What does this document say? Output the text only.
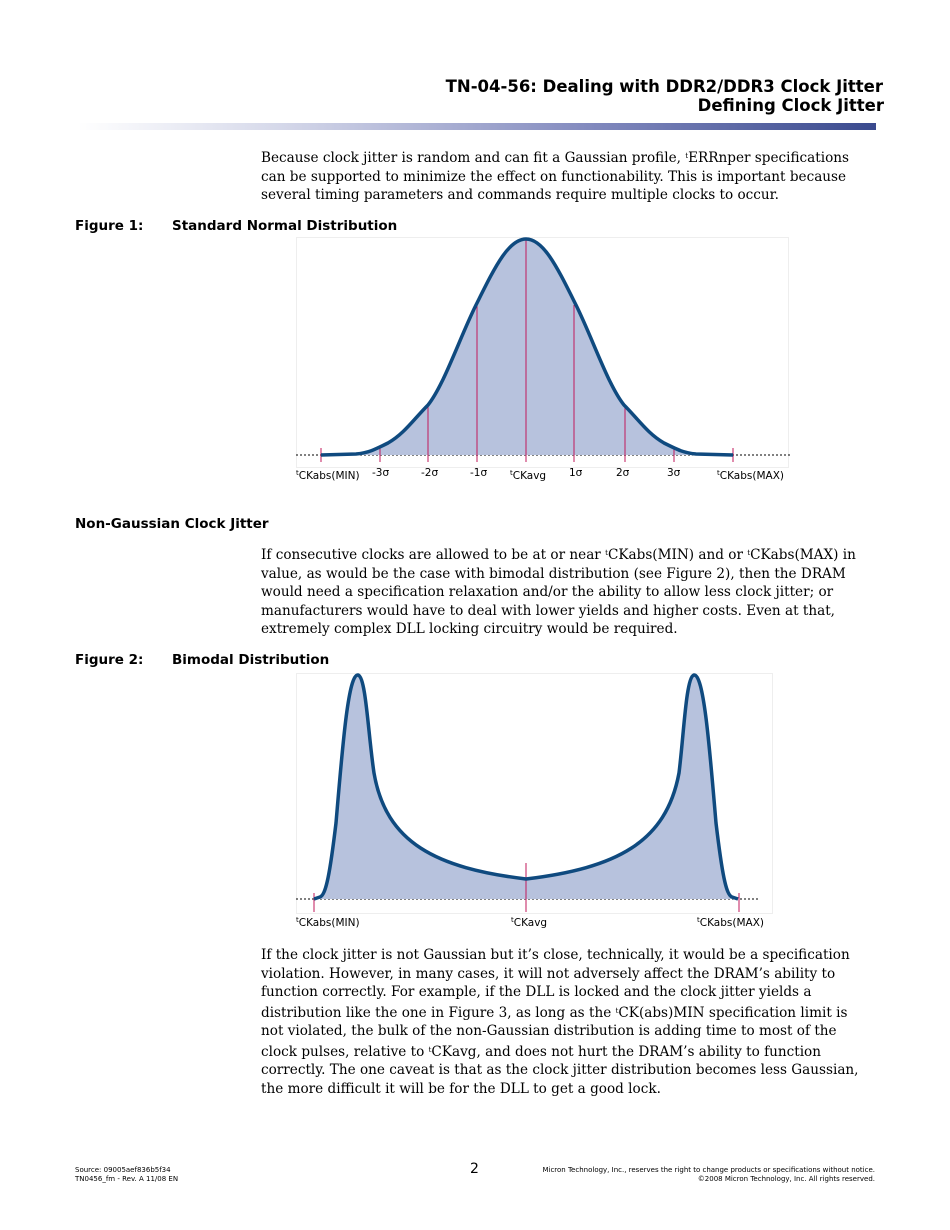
TN-04-56: Dealing with DDR2/DDR3 Clock Jitter
Defining Clock Jitter
Because clock jitter is random and can fit a Gaussian profile, $^t$ERRnper specifications can be supported to minimize the effect on functionability. This is important because several timing parameters and commands require multiple clocks to occur.
Figure 1: Standard Normal Distribution
$^t$CKabs(MIN) -3σ	-2σ	-1σ	$^t$CKavg 1σ	2σ	3σ	$^t$CKabs(MAX)
Non-Gaussian Clock Jitter
If consecutive clocks are allowed to be at or near $^t$CKabs(MIN) and or $^t$CKabs(MAX) in value, as would be the case with bimodal distribution (see Figure 2), then the DRAM would need a specification relaxation and/or the ability to allow less clock jitter; or manufacturers would have to deal with lower yields and higher costs. Even at that, extremely complex DLL locking circuitry would be required.
Figure 2: Bimodal Distribution
$^t$CKabs(MIN)	$^t$CKavg	$^t$CKabs(MAX)
If the clock jitter is not Gaussian but it’s close, technically, it would be a specification violation. However, in many cases, it will not adversely affect the DRAM’s ability to function correctly. For example, if the DLL is locked and the clock jitter yields a distribution like the one in Figure 3, as long as the $^t$CK(abs)MIN specification limit is not violated, the bulk of the non-Gaussian distribution is adding time to most of the clock pulses, relative to $^t$CKavg, and does not hurt the DRAM’s ability to function correctly. The one caveat is that as the clock jitter distribution becomes less Gaussian, the more difficult it will be for the DLL to get a good lock.
Source: 09005aef836b5f34
TN0456_fm - Rev. A 11/08 EN
2	Micron Technology, Inc., reserves the right to change products or specifications without notice.
©2008 Micron Technology, Inc. All rights reserved.
